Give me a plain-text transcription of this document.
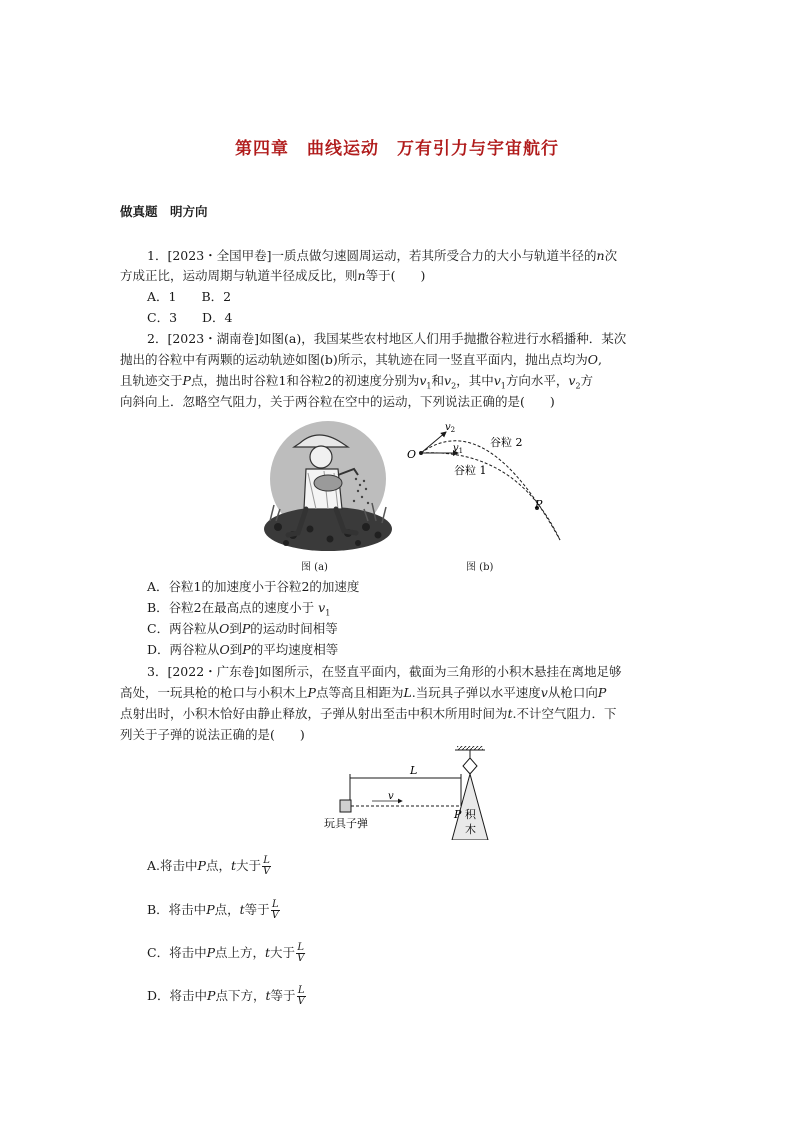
第四章　曲线运动　万有引力与宇宙航行
做真题　明方向
1．[2023・全国甲卷]一质点做匀速圆周运动，若其所受合力的大小与轨道半径的n次
方成正比，运动周期与轨道半径成反比，则n等于(　　)
A．1　　B．2
C．3　　D．4
2．[2023・湖南卷]如图(a)，我国某些农村地区人们用手抛撒谷粒进行水稻播种．某次
抛出的谷粒中有两颗的运动轨迹如图(b)所示，其轨迹在同一竖直平面内，抛出点均为O,
且轨迹交于P点，抛出时谷粒1和谷粒2的初速度分别为$v_1$和$v_2$，其中$v_1$方向水平，$v_2$方
向斜向上．忽略空气阻力，关于两谷粒在空中的运动，下列说法正确的是(　　)
图 (a)
$v_2$
$v_1$
O
谷粒 2
谷粒 1
P
图 (b)
A．谷粒1的加速度小于谷粒2的加速度
B．谷粒2在最高点的速度小于 $v_1$
C．两谷粒从O到P的运动时间相等
D．两谷粒从O到P的平均速度相等
3．[2022・广东卷]如图所示，在竖直平面内，截面为三角形的小积木悬挂在离地足够
高处，一玩具枪的枪口与小积木上P点等高且相距为L.当玩具子弹以水平速度v从枪口向P
点射出时，小积木恰好由静止释放，子弹从射出至击中积木所用时间为t.不计空气阻力．下
列关于子弹的说法正确的是(　　)
L
v
P 积
木
玩具子弹
A.将击中P点，t大于 $\frac{L}{V}$
B．将击中P点，t等于 $\frac{L}{V}$
C．将击中P点上方，t大于 $\frac{L}{V}$
D．将击中P点下方，t等于 $\frac{L}{V}$
